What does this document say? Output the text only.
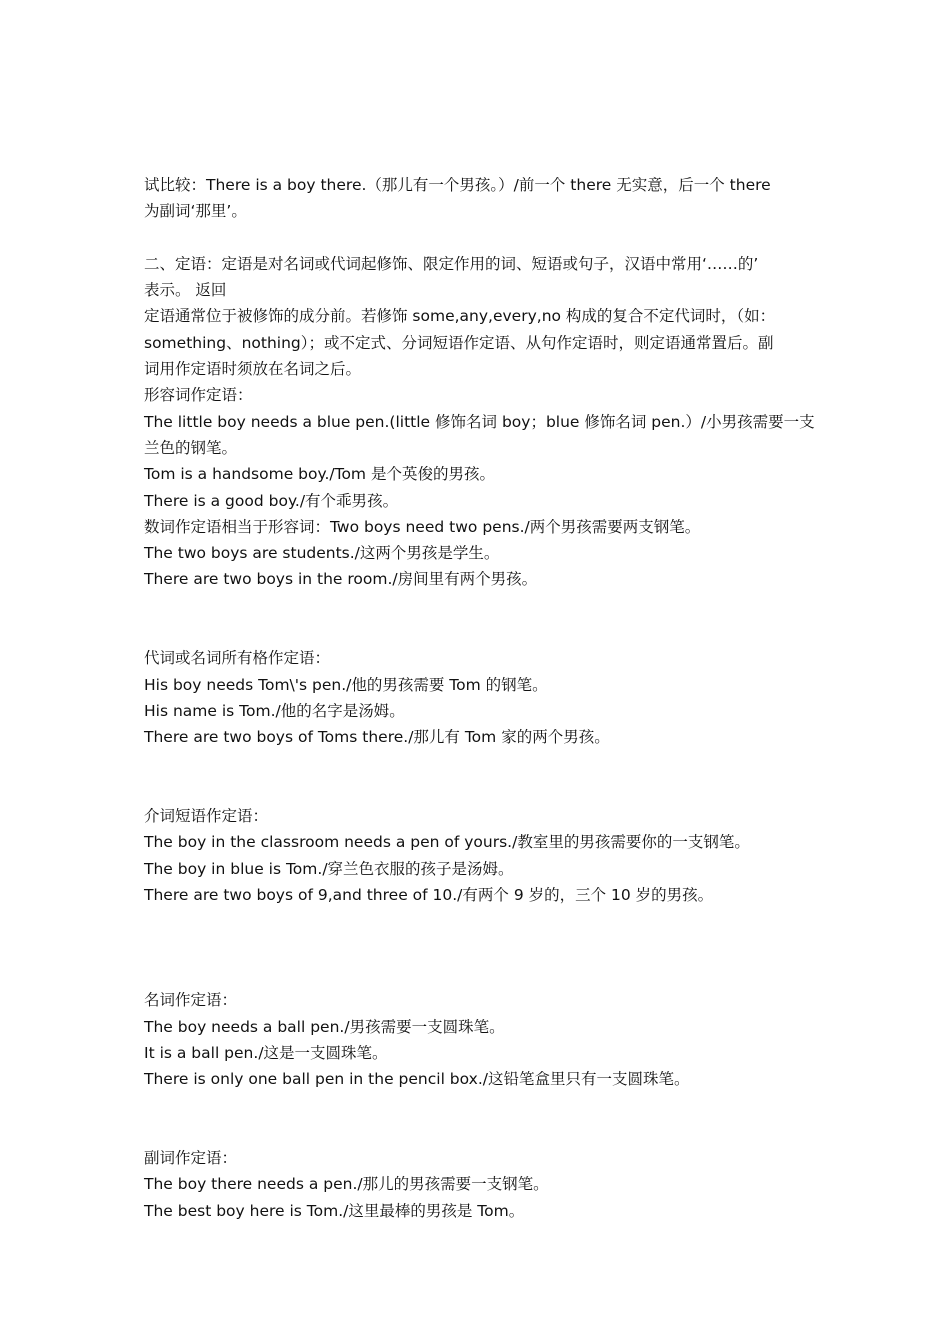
试比较：There is a boy there.（那儿有一个男孩。）/前一个 there 无实意，后一个 there

为副词‘那里’。

二、定语：定语是对名词或代词起修饰、限定作用的词、短语或句子，汉语中常用‘……的’

表示。 返回

定语通常位于被修饰的成分前。若修饰 some,any,every,no 构成的复合不定代词时，（如：

something、nothing）；或不定式、分词短语作定语、从句作定语时，则定语通常置后。副

词用作定语时须放在名词之后。

形容词作定语：

The little boy needs a blue pen.(little 修饰名词 boy；blue 修饰名词 pen.）/小男孩需要一支

兰色的钢笔。

Tom is a handsome boy./Tom 是个英俊的男孩。

There is a good boy./有个乖男孩。

数词作定语相当于形容词：Two boys need two pens./两个男孩需要两支钢笔。

The two boys are students./这两个男孩是学生。

There are two boys in the room./房间里有两个男孩。

代词或名词所有格作定语：

His boy needs Tom\'s pen./他的男孩需要 Tom 的钢笔。

His name is Tom./他的名字是汤姆。

There are two boys of Toms there./那儿有 Tom 家的两个男孩。

介词短语作定语：

The boy in the classroom needs a pen of yours./教室里的男孩需要你的一支钢笔。

The boy in blue is Tom./穿兰色衣服的孩子是汤姆。

There are two boys of 9,and three of 10./有两个 9 岁的，三个 10 岁的男孩。

名词作定语：

The boy needs a ball pen./男孩需要一支圆珠笔。

It is a ball pen./这是一支圆珠笔。

There is only one ball pen in the pencil box./这铅笔盒里只有一支圆珠笔。

副词作定语：

The boy there needs a pen./那儿的男孩需要一支钢笔。

The best boy here is Tom./这里最棒的男孩是 Tom。
